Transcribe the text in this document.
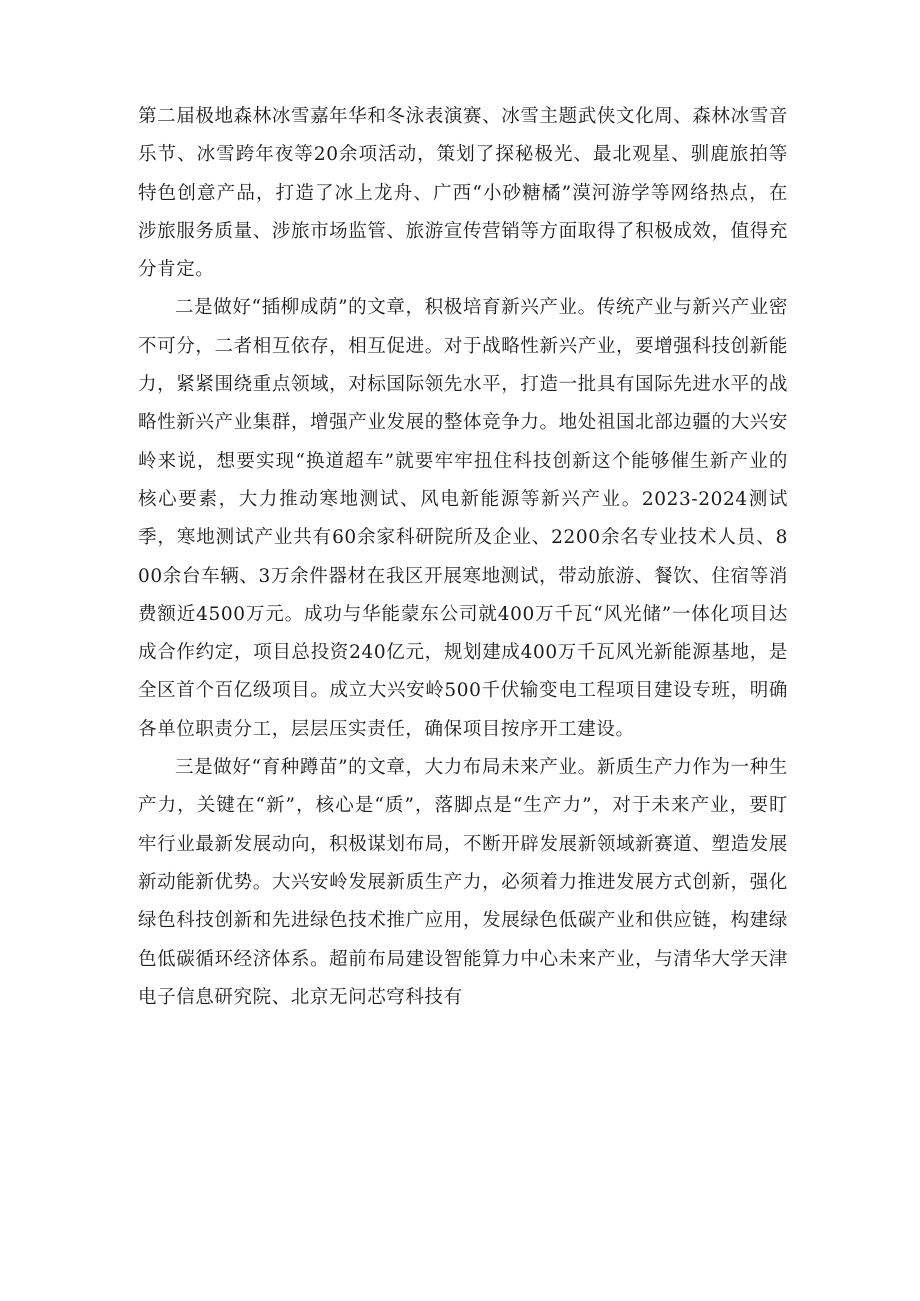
第二届极地森林冰雪嘉年华和冬泳表演赛、冰雪主题武侠文化周、森林冰雪音乐节、冰雪跨年夜等20余项活动，策划了探秘极光、最北观星、驯鹿旅拍等特色创意产品，打造了冰上龙舟、广西“小砂糖橘”漠河游学等网络热点，在涉旅服务质量、涉旅市场监管、旅游宣传营销等方面取得了积极成效，值得充分肯定。

二是做好“插柳成荫”的文章，积极培育新兴产业。传统产业与新兴产业密不可分，二者相互依存，相互促进。对于战略性新兴产业，要增强科技创新能力，紧紧围绕重点领域，对标国际领先水平，打造一批具有国际先进水平的战略性新兴产业集群，增强产业发展的整体竞争力。地处祖国北部边疆的大兴安岭来说，想要实现“换道超车”就要牢牢扭住科技创新这个能够催生新产业的核心要素，大力推动寒地测试、风电新能源等新兴产业。2023-2024测试季，寒地测试产业共有60余家科研院所及企业、2200余名专业技术人员、800余台车辆、3万余件器材在我区开展寒地测试，带动旅游、餐饮、住宿等消费额近4500万元。成功与华能蒙东公司就400万千瓦“风光储”一体化项目达成合作约定，项目总投资240亿元，规划建成400万千瓦风光新能源基地，是全区首个百亿级项目。成立大兴安岭500千伏输变电工程项目建设专班，明确各单位职责分工，层层压实责任，确保项目按序开工建设。

三是做好“育种蹲苗”的文章，大力布局未来产业。新质生产力作为一种生产力，关键在“新”，核心是“质”，落脚点是“生产力”，对于未来产业，要盯牢行业最新发展动向，积极谋划布局，不断开辟发展新领域新赛道、塑造发展新动能新优势。大兴安岭发展新质生产力，必须着力推进发展方式创新，强化绿色科技创新和先进绿色技术推广应用，发展绿色低碳产业和供应链，构建绿色低碳循环经济体系。超前布局建设智能算力中心未来产业，与清华大学天津电子信息研究院、北京无问芯穹科技有
